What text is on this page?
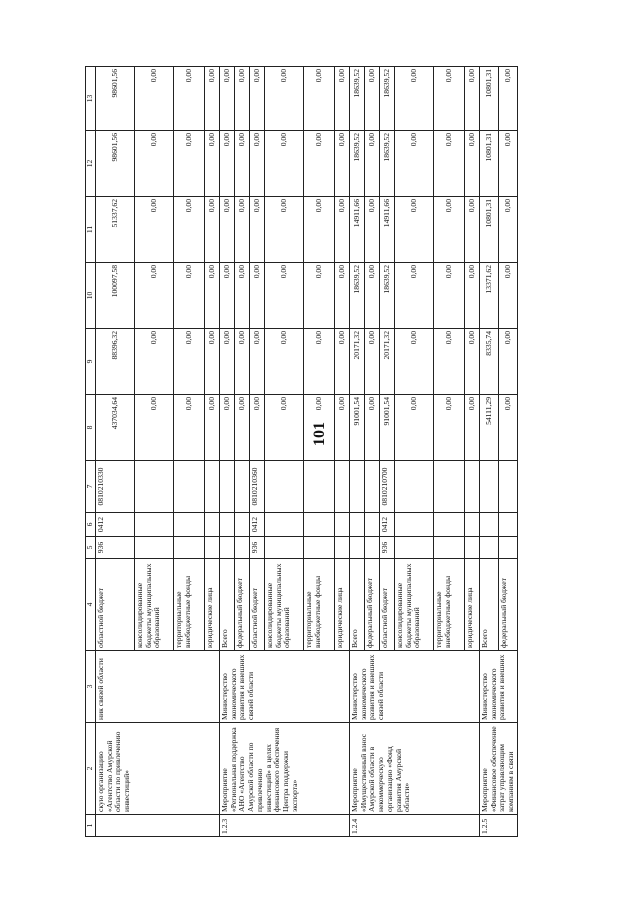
101
1	2	3	4	5	6	7	8	9	10	11	12	13
	скую организацию «Агентство Амурской области по привлечению инвестиций»	ник связей области	областной бюджет	936	0412	0810210330	437034,64	88396,32	100097,58	51337,62	98601,56	98601,56
			консолидированные бюджеты муниципальных образований				0,00	0,00	0,00	0,00	0,00	0,00
			территориальные внебюджетные фонды				0,00	0,00	0,00	0,00	0,00	0,00
			юридические лица				0,00	0,00	0,00	0,00	0,00	0,00
1.2.3	Мероприятие «Региональная поддержка АНО «Агентство Амурской области по привлечению инвестиций» в целях финансового обеспечения Центра поддержки экспорта»	Министерство экономического развития и внешних связей области	Всего				0,00	0,00	0,00	0,00	0,00	0,00
			федеральный бюджет				0,00	0,00	0,00	0,00	0,00	0,00
			областной бюджет	936	0412	0810210360	0,00	0,00	0,00	0,00	0,00	0,00
			консолидированные бюджеты муниципальных образований				0,00	0,00	0,00	0,00	0,00	0,00
			территориальные внебюджетные фонды				0,00	0,00	0,00	0,00	0,00	0,00
			юридические лица				0,00	0,00	0,00	0,00	0,00	0,00
1.2.4	Мероприятие «Имущественный взнос Амурской области в некоммерческую организацию «Фонд развития Амурской области»	Министерство экономического развития и внешних связей области	Всего				91001,54	20171,32	18639,52	14911,66	18639,52	18639,52
			федеральный бюджет				0,00	0,00	0,00	0,00	0,00	0,00
			областной бюджет	936	0412	0810210700	91001,54	20171,32	18639,52	14911,66	18639,52	18639,52
			консолидированные бюджеты муниципальных образований				0,00	0,00	0,00	0,00	0,00	0,00
			территориальные внебюджетные фонды				0,00	0,00	0,00	0,00	0,00	0,00
			юридические лица				0,00	0,00	0,00	0,00	0,00	0,00
1.2.5	Мероприятие «Финансовое обеспечение затрат управляющим компаниям в связи	Министерство экономического развития и внешних	Всего				54111,29	8335,74	13371,62	10801,31	10801,31	10801,31
			федеральный бюджет				0,00	0,00	0,00	0,00	0,00	0,00
